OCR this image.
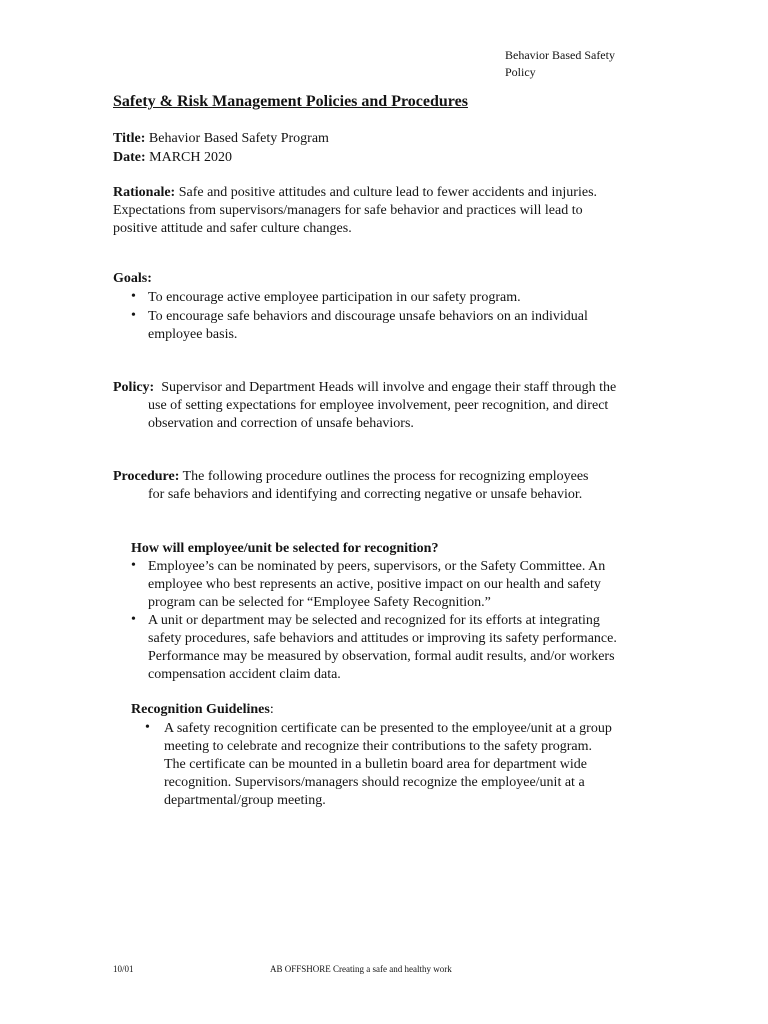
Behavior Based Safety
Policy
Safety & Risk Management Policies and Procedures
Title: Behavior Based Safety Program
Date: MARCH 2020
Rationale: Safe and positive attitudes and culture lead to fewer accidents and injuries.
Expectations from supervisors/managers for safe behavior and practices will lead to
positive attitude and safer culture changes.
Goals:
• To encourage active employee participation in our safety program.
• To encourage safe behaviors and discourage unsafe behaviors on an individual
employee basis.
Policy: Supervisor and Department Heads will involve and engage their staff through the
use of setting expectations for employee involvement, peer recognition, and direct
observation and correction of unsafe behaviors.
Procedure: The following procedure outlines the process for recognizing employees
for safe behaviors and identifying and correcting negative or unsafe behavior.
How will employee/unit be selected for recognition?
• Employee’s can be nominated by peers, supervisors, or the Safety Committee. An
employee who best represents an active, positive impact on our health and safety
program can be selected for “Employee Safety Recognition.”
• A unit or department may be selected and recognized for its efforts at integrating
safety procedures, safe behaviors and attitudes or improving its safety performance.
Performance may be measured by observation, formal audit results, and/or workers
compensation accident claim data.
Recognition Guidelines:
• A safety recognition certificate can be presented to the employee/unit at a group
meeting to celebrate and recognize their contributions to the safety program.
The certificate can be mounted in a bulletin board area for department wide
recognition. Supervisors/managers should recognize the employee/unit at a
departmental/group meeting.
10/01	AB OFFSHORE Creating a safe and healthy work
